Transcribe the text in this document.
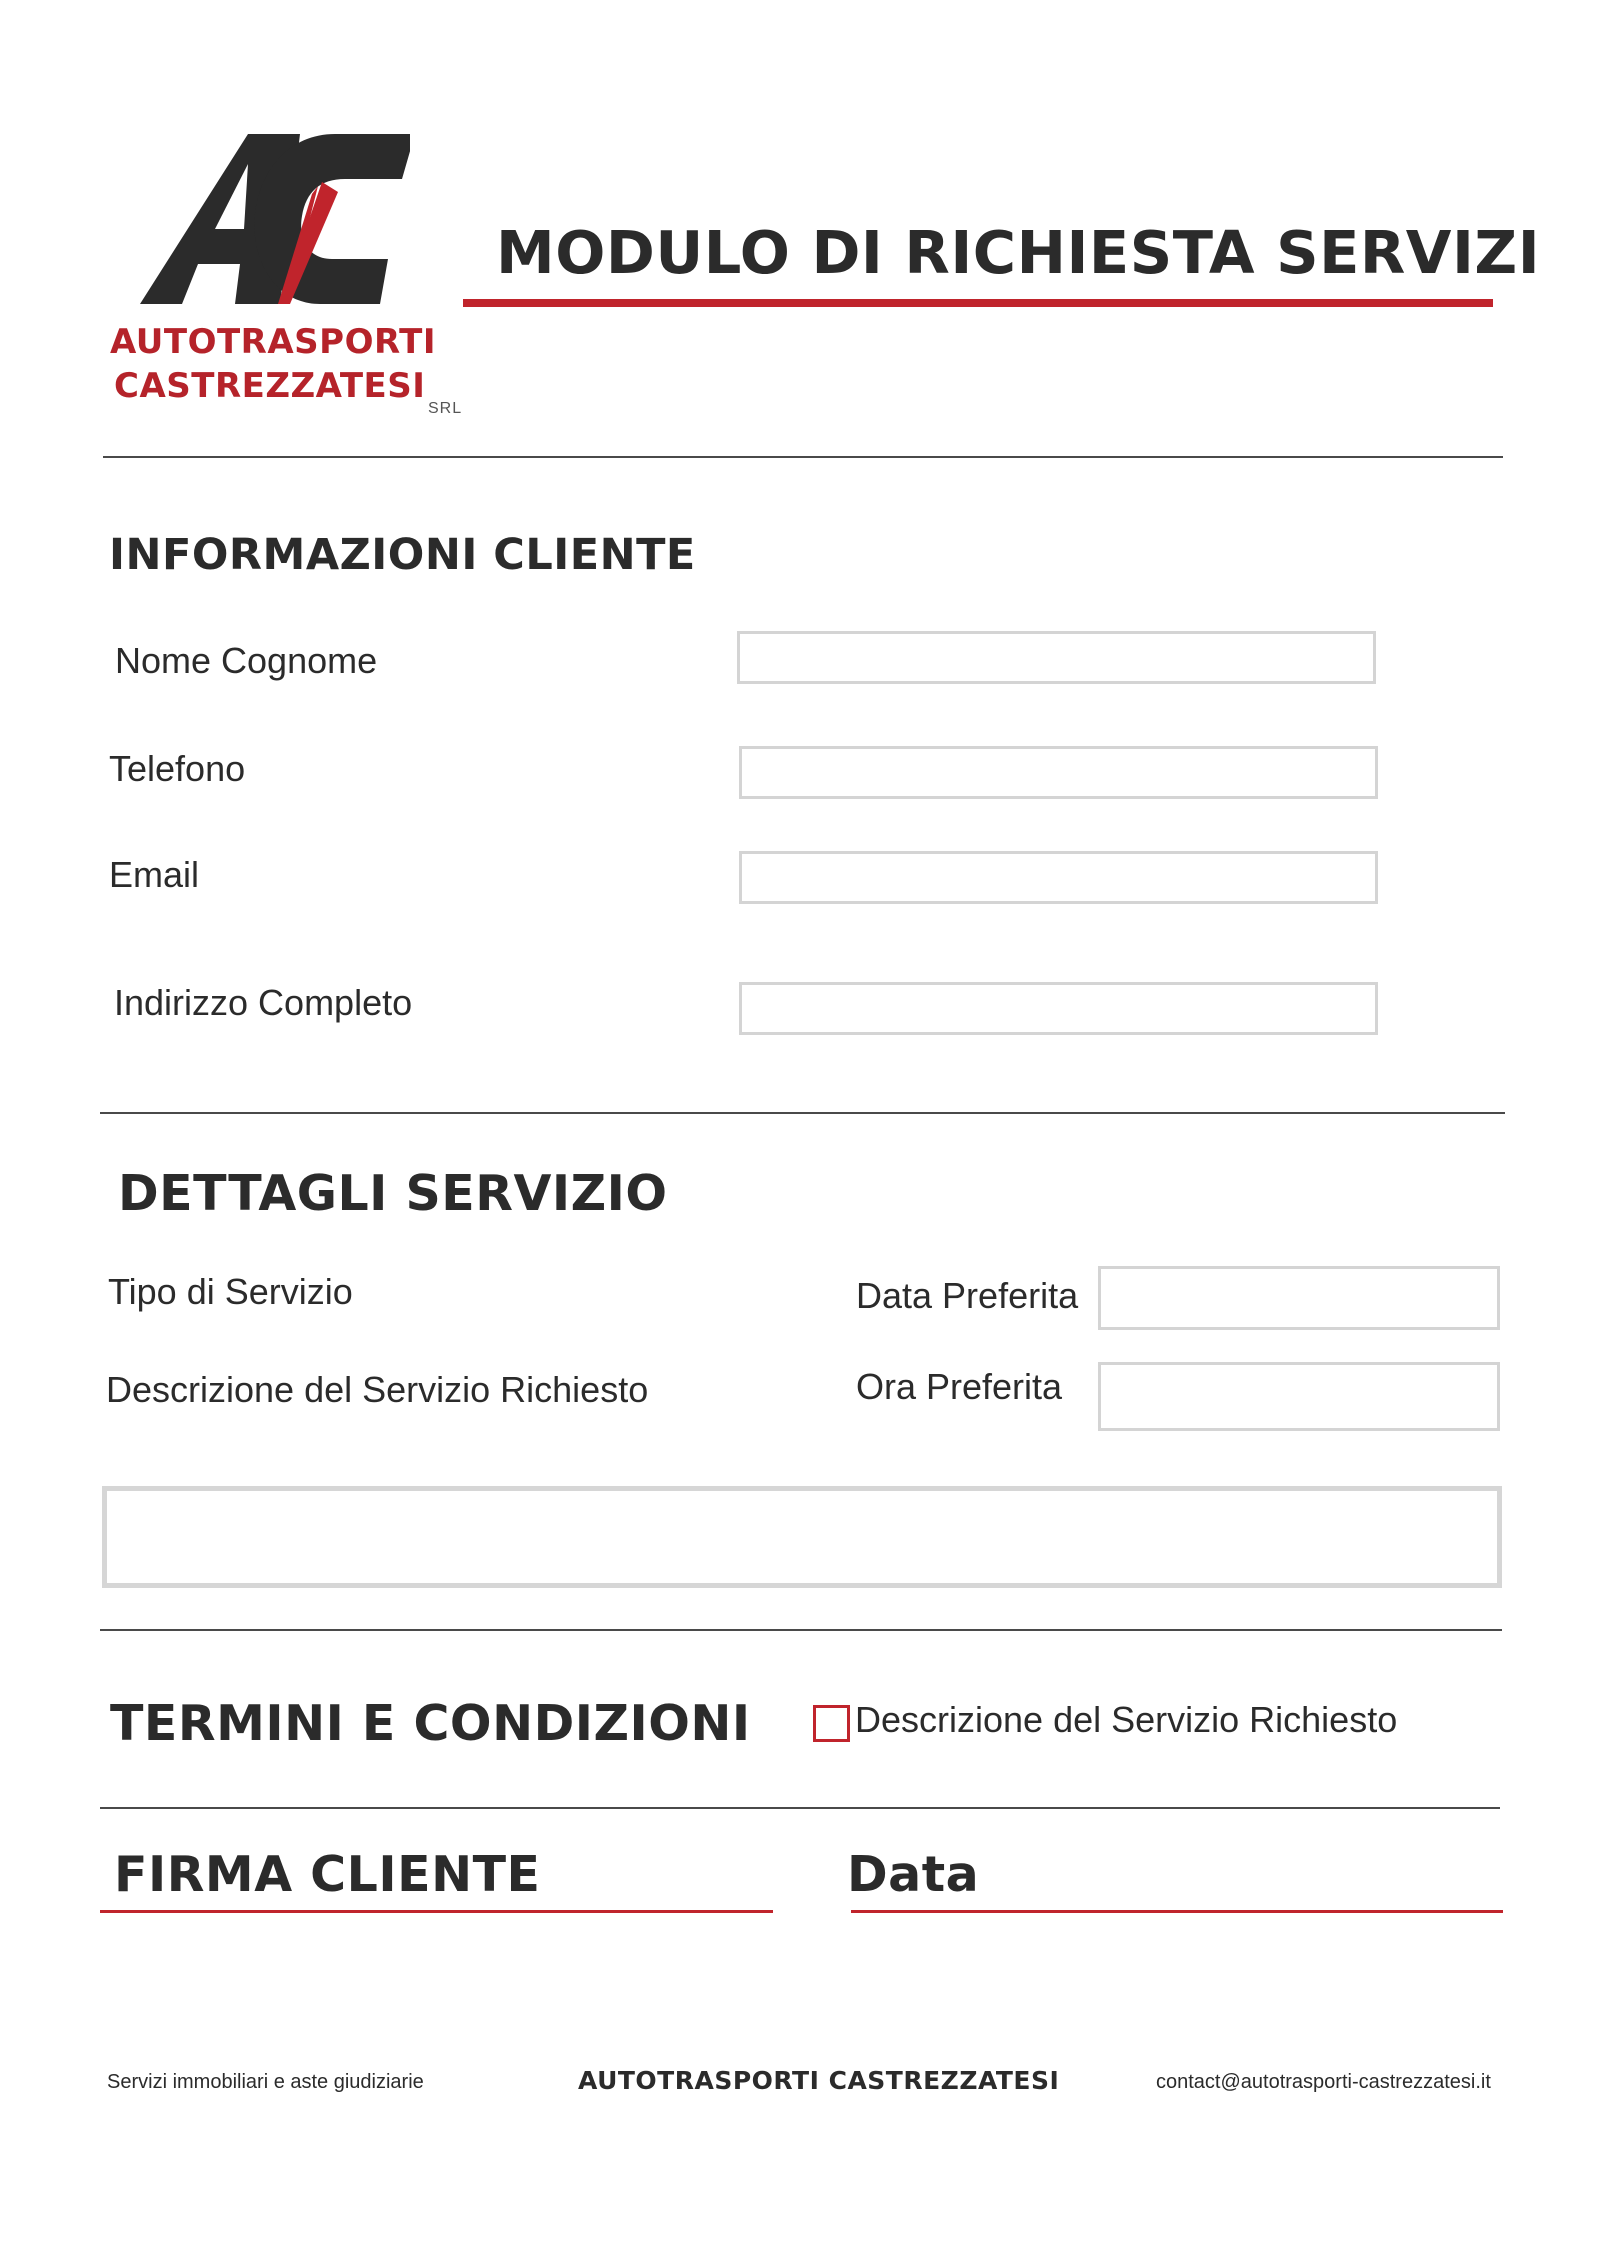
AUTOTRASPORTI
CASTREZZATESI
SRL
MODULO DI RICHIESTA SERVIZI
INFORMAZIONI CLIENTE
Nome Cognome
Telefono
Email
Indirizzo Completo
DETTAGLI SERVIZIO
Tipo di Servizio
Descrizione del Servizio Richiesto
Data Preferita
Ora Preferita
TERMINI E CONDIZIONI	Descrizione del Servizio Richiesto
FIRMA CLIENTE	Data
Servizi immobiliari e aste giudiziarie	AUTOTRASPORTI CASTREZZATESI	contact@autotrasporti-castrezzatesi.it
